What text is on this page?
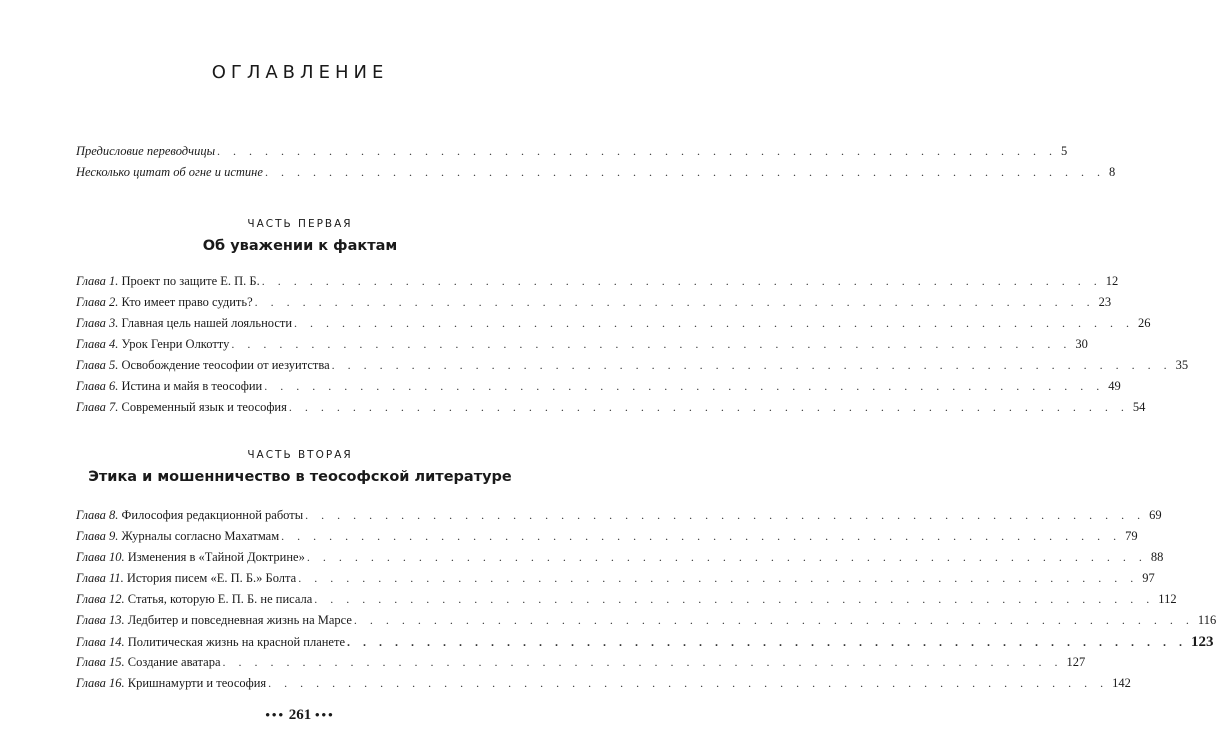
ОГЛАВЛЕНИЕ
Предисловие переводчицы . . . . . . . . . . . . . . . . . . . . . . . . . . . . . . . . . . . . . . . . . . . . . . . . . . . . . 5
Несколько цитат об огне и истине . . . . . . . . . . . . . . . . . . . . . . . . . . . . . . . . . . . . . . . . . . . . . . . . . . . . . 8
ЧАСТЬ ПЕРВАЯ
Об уважении к фактам
Глава 1.
Проект по защите Е. П. Б. . . . . . . . . . . . . . . . . . . . . . . . . . . . . . . . . . . . . . . . . . . . . . . . . . . . . . 12
Глава 2.
Кто имеет право судить? . . . . . . . . . . . . . . . . . . . . . . . . . . . . . . . . . . . . . . . . . . . . . . . . . . . . . 23
Глава 3.
Главная цель нашей лояльности . . . . . . . . . . . . . . . . . . . . . . . . . . . . . . . . . . . . . . . . . . . . . . . . . . . . . 26
Глава 4.
Урок Генри Олкотту . . . . . . . . . . . . . . . . . . . . . . . . . . . . . . . . . . . . . . . . . . . . . . . . . . . . . 30
Глава 5.
Освобождение теософии от иезуитства . . . . . . . . . . . . . . . . . . . . . . . . . . . . . . . . . . . . . . . . . . . . . . . . . . . . . 35
Глава 6.
Истина и майя в теософии . . . . . . . . . . . . . . . . . . . . . . . . . . . . . . . . . . . . . . . . . . . . . . . . . . . . . 49
Глава 7.
Современный язык и теософия . . . . . . . . . . . . . . . . . . . . . . . . . . . . . . . . . . . . . . . . . . . . . . . . . . . . . 54
ЧАСТЬ ВТОРАЯ
Этика и мошенничество в теософской литературе
Глава 8.
Философия редакционной работы . . . . . . . . . . . . . . . . . . . . . . . . . . . . . . . . . . . . . . . . . . . . . . . . . . . . . 69
Глава 9.
Журналы согласно Махатмам . . . . . . . . . . . . . . . . . . . . . . . . . . . . . . . . . . . . . . . . . . . . . . . . . . . . . 79
Глава 10.
Изменения в «Тайной Доктрине» . . . . . . . . . . . . . . . . . . . . . . . . . . . . . . . . . . . . . . . . . . . . . . . . . . . . . 88
Глава 11.
История писем «Е. П. Б.» Болта . . . . . . . . . . . . . . . . . . . . . . . . . . . . . . . . . . . . . . . . . . . . . . . . . . . . . 97
Глава 12.
Статья, которую Е. П. Б. не писала . . . . . . . . . . . . . . . . . . . . . . . . . . . . . . . . . . . . . . . . . . . . . . . . . . . . . 112
Глава 13.
Ледбитер и повседневная жизнь на Марсе . . . . . . . . . . . . . . . . . . . . . . . . . . . . . . . . . . . . . . . . . . . . . . . . . . . . . 116
Глава 14.
Политическая жизнь на красной планете . . . . . . . . . . . . . . . . . . . . . . . . . . . . . . . . . . . . . . . . . . . . . . . . . . . . . 123
Глава 15.
Создание аватара . . . . . . . . . . . . . . . . . . . . . . . . . . . . . . . . . . . . . . . . . . . . . . . . . . . . . 127
Глава 16.
Кришнамурти и теософия . . . . . . . . . . . . . . . . . . . . . . . . . . . . . . . . . . . . . . . . . . . . . . . . . . . . . 142
••• 261 •••
